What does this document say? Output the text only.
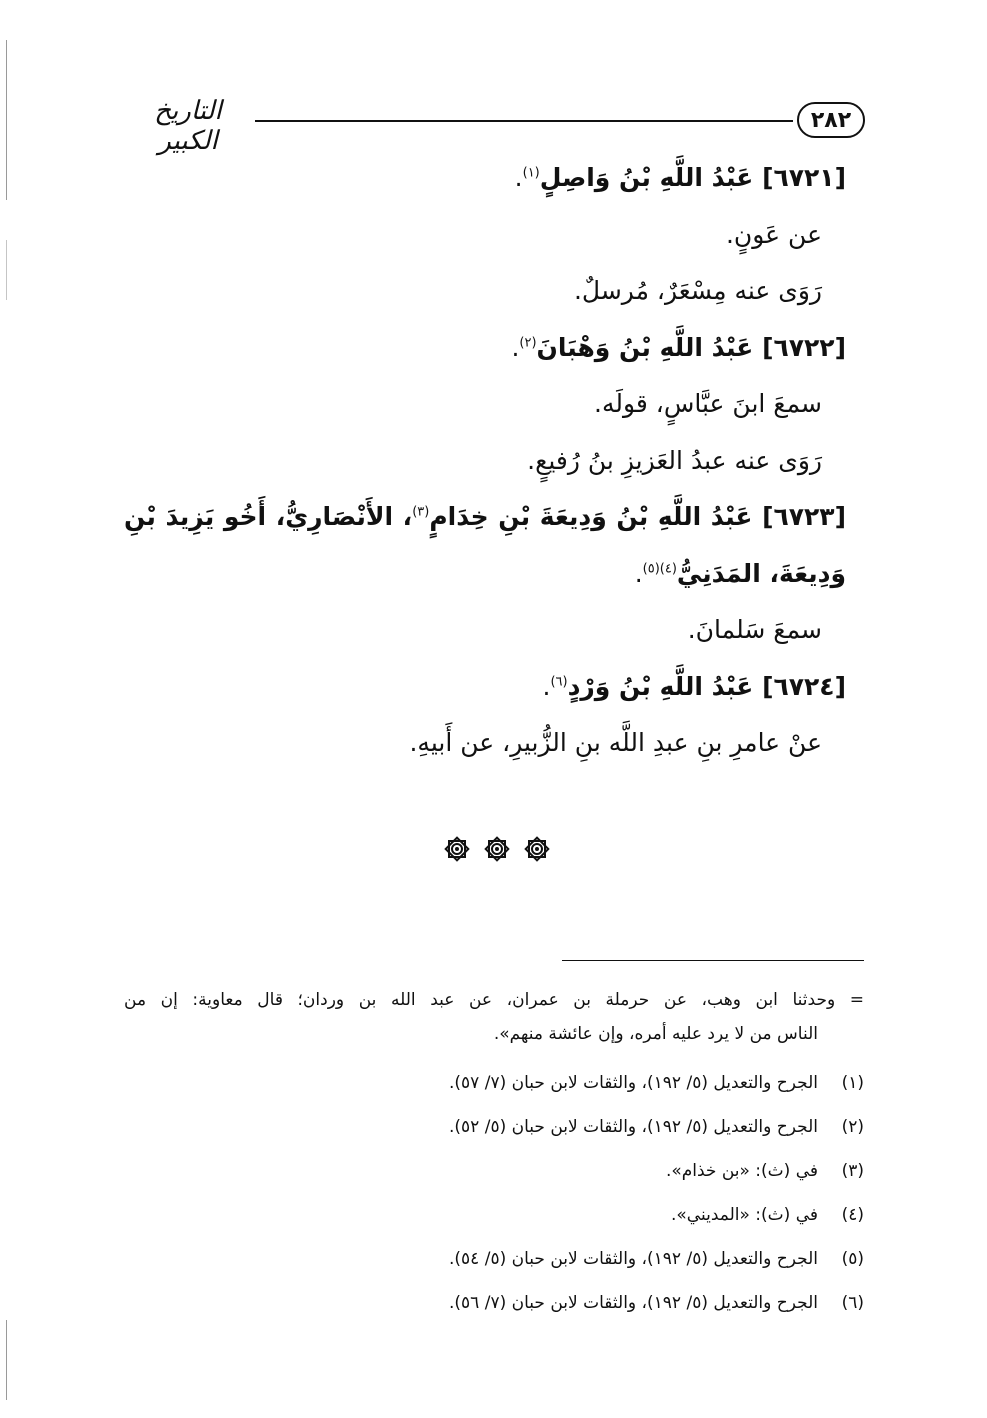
٢٨٢
التاريخ الكبير
[٦٧٢١] عَبْدُ اللَّهِ بْنُ وَاصِلٍ$^{(١)}$.
عن عَونٍ.
رَوَى عنه مِسْعَرٌ، مُرسلٌ.
[٦٧٢٢] عَبْدُ اللَّهِ بْنُ وَهْبَانَ$^{(٢)}$.
سمعَ ابنَ عبَّاسٍ، قولَه.
رَوَى عنه عبدُ العَزيزِ بنُ رُفيعٍ.
[٦٧٢٣] عَبْدُ اللَّهِ بْنُ وَدِيعَةَ بْنِ خِدَامٍ$^{(٣)}$، الأَنْصَارِيُّ، أَخُو يَزِيدَ بْنِ
وَدِيعَةَ، المَدَنِيُّ$^{(٤)(٥)}$.
سمعَ سَلمانَ.
[٦٧٢٤] عَبْدُ اللَّهِ بْنُ وَرْدٍ$^{(٦)}$.
عنْ عامرِ بنِ عبدِ اللَّه بنِ الزُّبيرِ، عن أَبيهِ.
= وحدثنا ابن وهب، عن حرملة بن عمران، عن عبد الله بن وردان؛ قال معاوية: إن من
الناس من لا يرد عليه أمره، وإن عائشة منهم».
(١)
الجرح والتعديل (٥/ ١٩٢)، والثقات لابن حبان (٧/ ٥٧).
(٢)
الجرح والتعديل (٥/ ١٩٢)، والثقات لابن حبان (٥/ ٥٢).
(٣)
في (ث): «بن خذام».
(٤)
في (ث): «المديني».
(٥)
الجرح والتعديل (٥/ ١٩٢)، والثقات لابن حبان (٥/ ٥٤).
(٦)
الجرح والتعديل (٥/ ١٩٢)، والثقات لابن حبان (٧/ ٥٦).
